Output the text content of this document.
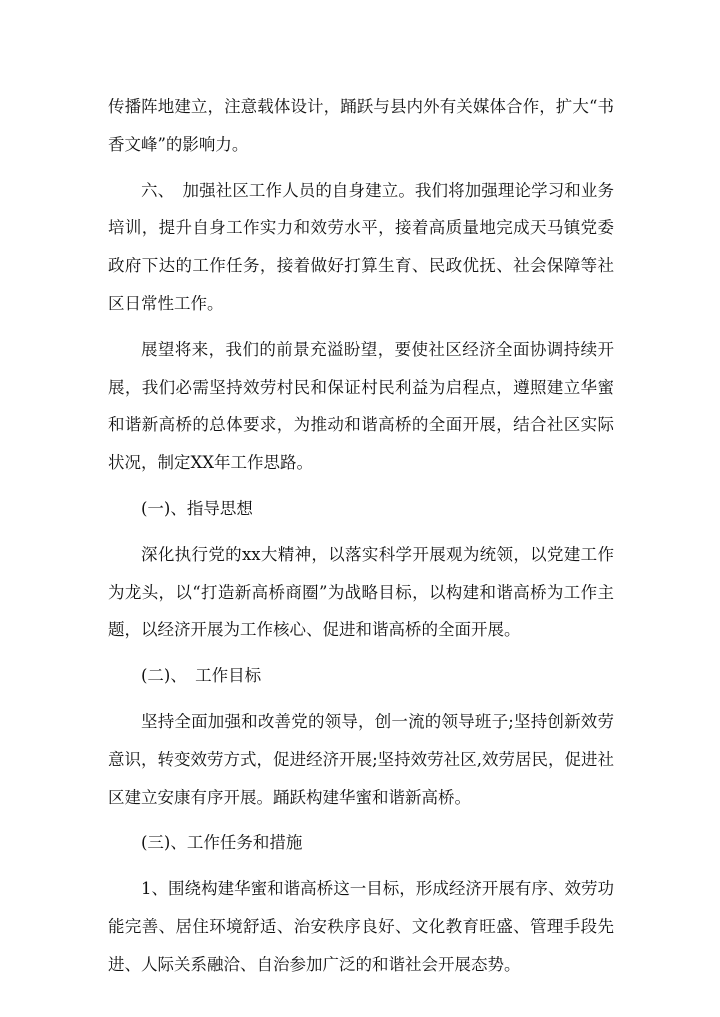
传播阵地建立，注意载体设计，踊跃与县内外有关媒体合作，扩大“书香文峰”的影响力。

六、　加强社区工作人员的自身建立。我们将加强理论学习和业务培训，提升自身工作实力和效劳水平，接着高质量地完成天马镇党委政府下达的工作任务，接着做好打算生育、民政优抚、社会保障等社区日常性工作。

展望将来，我们的前景充溢盼望，要使社区经济全面协调持续开展，我们必需坚持效劳村民和保证村民利益为启程点，遵照建立华蜜和谐新高桥的总体要求，为推动和谐高桥的全面开展，结合社区实际状况，制定XX年工作思路。

(一)、指导思想

深化执行党的xx大精神，以落实科学开展观为统领，以党建工作为龙头，以“打造新高桥商圈”为战略目标，以构建和谐高桥为工作主题，以经济开展为工作核心、促进和谐高桥的全面开展。

(二)、　工作目标

坚持全面加强和改善党的领导，创一流的领导班子;坚持创新效劳意识，转变效劳方式，促进经济开展;坚持效劳社区,效劳居民，促进社区建立安康有序开展。踊跃构建华蜜和谐新高桥。

(三)、工作任务和措施

1、围绕构建华蜜和谐高桥这一目标，形成经济开展有序、效劳功能完善、居住环境舒适、治安秩序良好、文化教育旺盛、管理手段先进、人际关系融洽、自治参加广泛的和谐社会开展态势。
